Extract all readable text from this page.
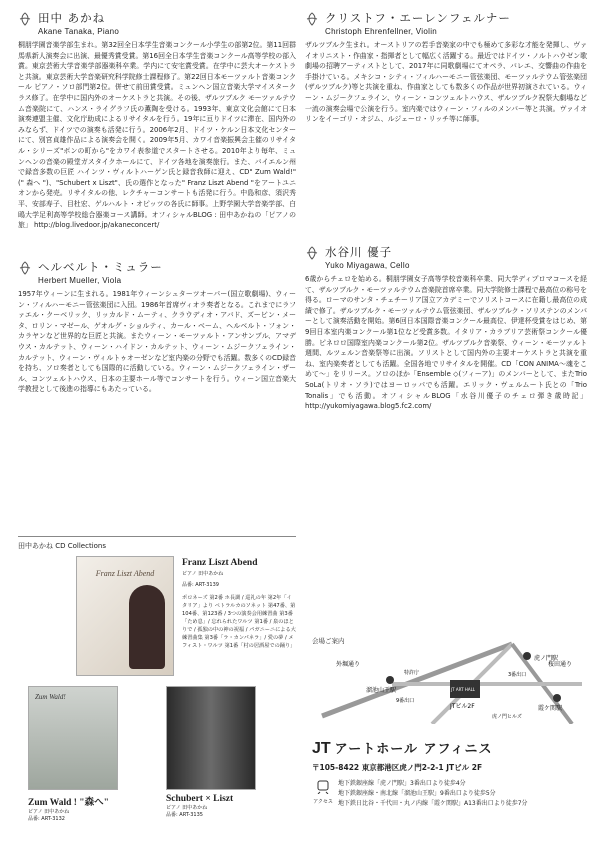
田中 あかね
Akane Tanaka, Piano

桐朋学園音楽学部生まれ。第32回全日本学生音楽コンクール小学生の部第2位。第11回群馬県新人演奏会に出演、最優秀賞受賞。第16回全日本学生音楽コンクール高等学校の部入賞。東京芸術大学音楽学部器楽科卒業。学内にて安宅賞受賞。在学中に芸大オーケストラと共演。東京芸術大学音楽研究科学院修士課程修了。第22回日本モーツァルト音楽コンクール ピアノ・ソロ部門第2位。併せて前田賞受賞。ミュンヘン国立音楽大学マイスタークラス修了。在学中に国内外のオーケストラと共演。その後、ザルツブルク モーツァルテウム音楽院にて、ハンス・ライグラフ氏の薫陶を受ける。1993年、東京文化会館にて日本演奏連盟主催、文化庁助成によるリサイタルを行う。19年に亘りドイツに滞在、国内外のみならず、ドイツでの演奏も活発に行う。2006年2月、ドイツ・ケルン日本文化センターにて、別宮貞雄作品による演奏会を開く。2009年5月、カワイ音楽振興会主催のリサイタル・シリーズ"ボンの町から"をカワイ表参道でスタートさせる。2010年より毎年、ミュンヘンの音楽の殿堂ガスタイクホールにて、ドイツ各地を演奏旅行。また、バイエルン州で録音多数の巨匠 ハインツ・ヴィルトハーゲン氏と録音我師に迎え、CD" Zum Wald!" (" 森へ ")、"Schubert x Liszt"、氏の選作となった" Franz Liszt Abend "をアートユニオンから発売。リサイタルの他、レクチャーコンサートも活発に行う。中島和彦、須沢秀平、安部寿子、目杜宏、ゲルハルト・オピッツの各氏に師事。上野学園大学音楽学部、白鴎大学足利高等学校総合器楽コース講師。オフィシャルBLOG : 田中あかねの「ピアノの旅」 http://blog.livedoor.jp/akaneconcert/

ヘルベルト・ミュラー
Herbert Mueller, Viola

1957年ウィーンに生まれる。1981年ウィーンシュターツオーパー(国立歌劇場)、ウィーン・フィルハーモニー管弦楽団に入団。1986年首席ヴィオラ奏者となる。これまでにラファエル・クーベリック、リッカルド・ムーティ、クラウディオ・アバド、ズービン・メータ、ロリン・マゼール、ゲオルグ・ショルティ、カール・ベーム、ヘルベルト・フォン・カラヤンなど世界的な巨匠と共演。またウィーン・モーツァルト・アンサンブル、アマデウス・カルテット、ウィーン・ハイドン・カルテット、ウィーン・ムジークフェライン・カルテット、ウィーン・ヴィルトゥオーゼンなど室内楽の分野でも活躍。数多くのCD録音を持ち、ソロ奏者としても国際的に活動している。ウィーン・ムジークフェライン・ザール、コンツェルトハウス、日本の主要ホール等でコンサートを行う。ウィーン国立音楽大学教授として後進の指導にもあたっている。

クリストフ・エーレンフェルナー
Christoph Ehrenfellner, Violin

ザルツブルク生まれ。オーストリアの若手音楽家の中でも極めて多彩な才能を発揮し、ヴァイオリニスト・作曲家・指揮者として幅広く活躍する。最近ではドイツ・ノルトハウゼン歌劇場の招聘アーティストとして、2017年に同歌劇場にてオペラ、バレエ、交響曲の作曲を手掛けている。メキシコ・シティ・フィルハーモニー管弦楽団、モーツァルテウム管弦楽団(ザルツブルク)等と共演を重ね、作曲家としても数多くの作品が世界初演されている。ウィーン・ムジークフェライン、ウィーン・コンツェルトハウス、ザルツブルク祝祭大劇場など一流の演奏会場で公演を行う。室内楽ではウィーン・フィルのメンバー等と共演。ヴァイオリンをイーゴリ・オジム、ルジェーロ・リッチ等に師事。

水谷川 優子
Yuko Miyagawa, Cello

6歳からチェロを始める。桐朋学園女子高等学校音楽科卒業、同大学ディプロマコースを経て、ザルツブルク・モーツァルテウム音楽院首席卒業。同大学院修士課程で最高位の称号を得る。ローマのサンタ・チェチーリア国立アカデミーでソリストコースに在籍し最高位の成績で修了。ザルツブルク・モーツァルテウム管弦楽団、ザルツブルク・ソリステンのメンバーとして演奏活動を開始。第6回日本国際音楽コンクール最高位、伊達杯受賞をはじめ、第9回日本室内楽コンクール第1位など受賞多数。イタリア・カラブリア芸術祭コンクール優勝。ピネロロ国際室内楽コンクール第2位。ザルツブルク音楽祭、ウィーン・モーツァルト週間、ルツェルン音楽祭等に出演。ソリストとして国内外の主要オーケストラと共演を重ね、室内楽奏者としても活躍。全国各地でリサイタルを開催。CD「CON ANIMA～魂をこめて～」をリリース。ソロのほか「Ensemble ◇(フィーア)」のメンバーとして、またTrio SoLa(トリオ・ソラ)ではヨーロッパでも活躍。エリック・ヴェルムート氏との「Trio Tonalis」でも活動。オフィシャルBLOG「水谷川優子のチェロ弾き歳時記」 http://yukomiyagawa.blog5.fc2.com/

田中あかね CD Collections
Franz Liszt Abend
Franz Liszt Abend
ピアノ 田中あかね
品番: ART-3139
ポロネーズ 第2番 ホ長調 / 巡礼の年 第2年「イタリア」より ペトラルカのソネット 第47番、第104番、第123番 / 3つの演奏会用練習曲 第3番「ため息」/ 忘れられたワルツ 第1番 / 泉のほとりで / 孤独の中の神の祝福 / パガニーニによる大練習曲集 第3番「ラ・カンパネラ」/ 愛の夢 / メフィスト・ワルツ 第1番「村の居酒屋での踊り」
Zum Wald!
Zum Wald ! "森へ"
ピアノ 田中あかね
品番: ART-3132
Schubert × Liszt
ピアノ 田中あかね
品番: ART-3135
会場ご案内
外堀通り	桜田通り
溜池山王駅
虎ノ門駅
霞ケ関駅
特許庁
JT ART HALL
JTビル2F
虎ノ門ヒルズ
9番出口
3番出口
JT アートホール アフィニス
〒105-8422 東京都港区虎ノ門2-2-1 JTビル 2F
アクセス
地下鉄銀座線「虎ノ門駅」3番出口より徒歩4分
地下鉄銀座線・南北線「溜池山王駅」9番出口より徒歩5分
地下鉄日比谷・千代田・丸ノ内線「霞ケ関駅」A13番出口より徒歩7分
